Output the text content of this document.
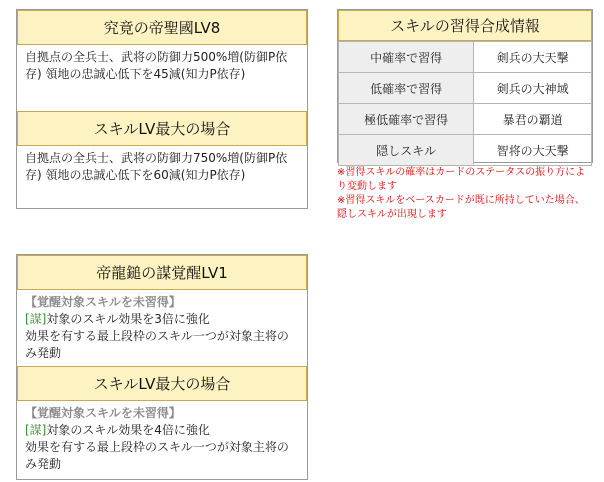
究竟の帝聖國LV8
自拠点の全兵士、武将の防御力500%増(防御P依存) 領地の忠誠心低下を45減(知力P依存)
スキルLV最大の場合
自拠点の全兵士、武将の防御力750%増(防御P依存) 領地の忠誠心低下を60減(知力P依存)
スキルの習得合成情報
中確率で習得	剣兵の大天撃
低確率で習得	剣兵の大神域
極低確率で習得	暴君の覇道
隠しスキル	智将の大天撃
※習得スキルの確率はカードのステータスの振り方により変動します
※習得スキルをベースカードが既に所持していた場合、隠しスキルが出現します
帝龍鎚の謀覚醒LV1
【覚醒対象スキルを未習得】
[謀]対象のスキル効果を3倍に強化
効果を有する最上段枠のスキル一つが対象主将のみ発動
スキルLV最大の場合
【覚醒対象スキルを未習得】
[謀]対象のスキル効果を4倍に強化
効果を有する最上段枠のスキル一つが対象主将のみ発動
